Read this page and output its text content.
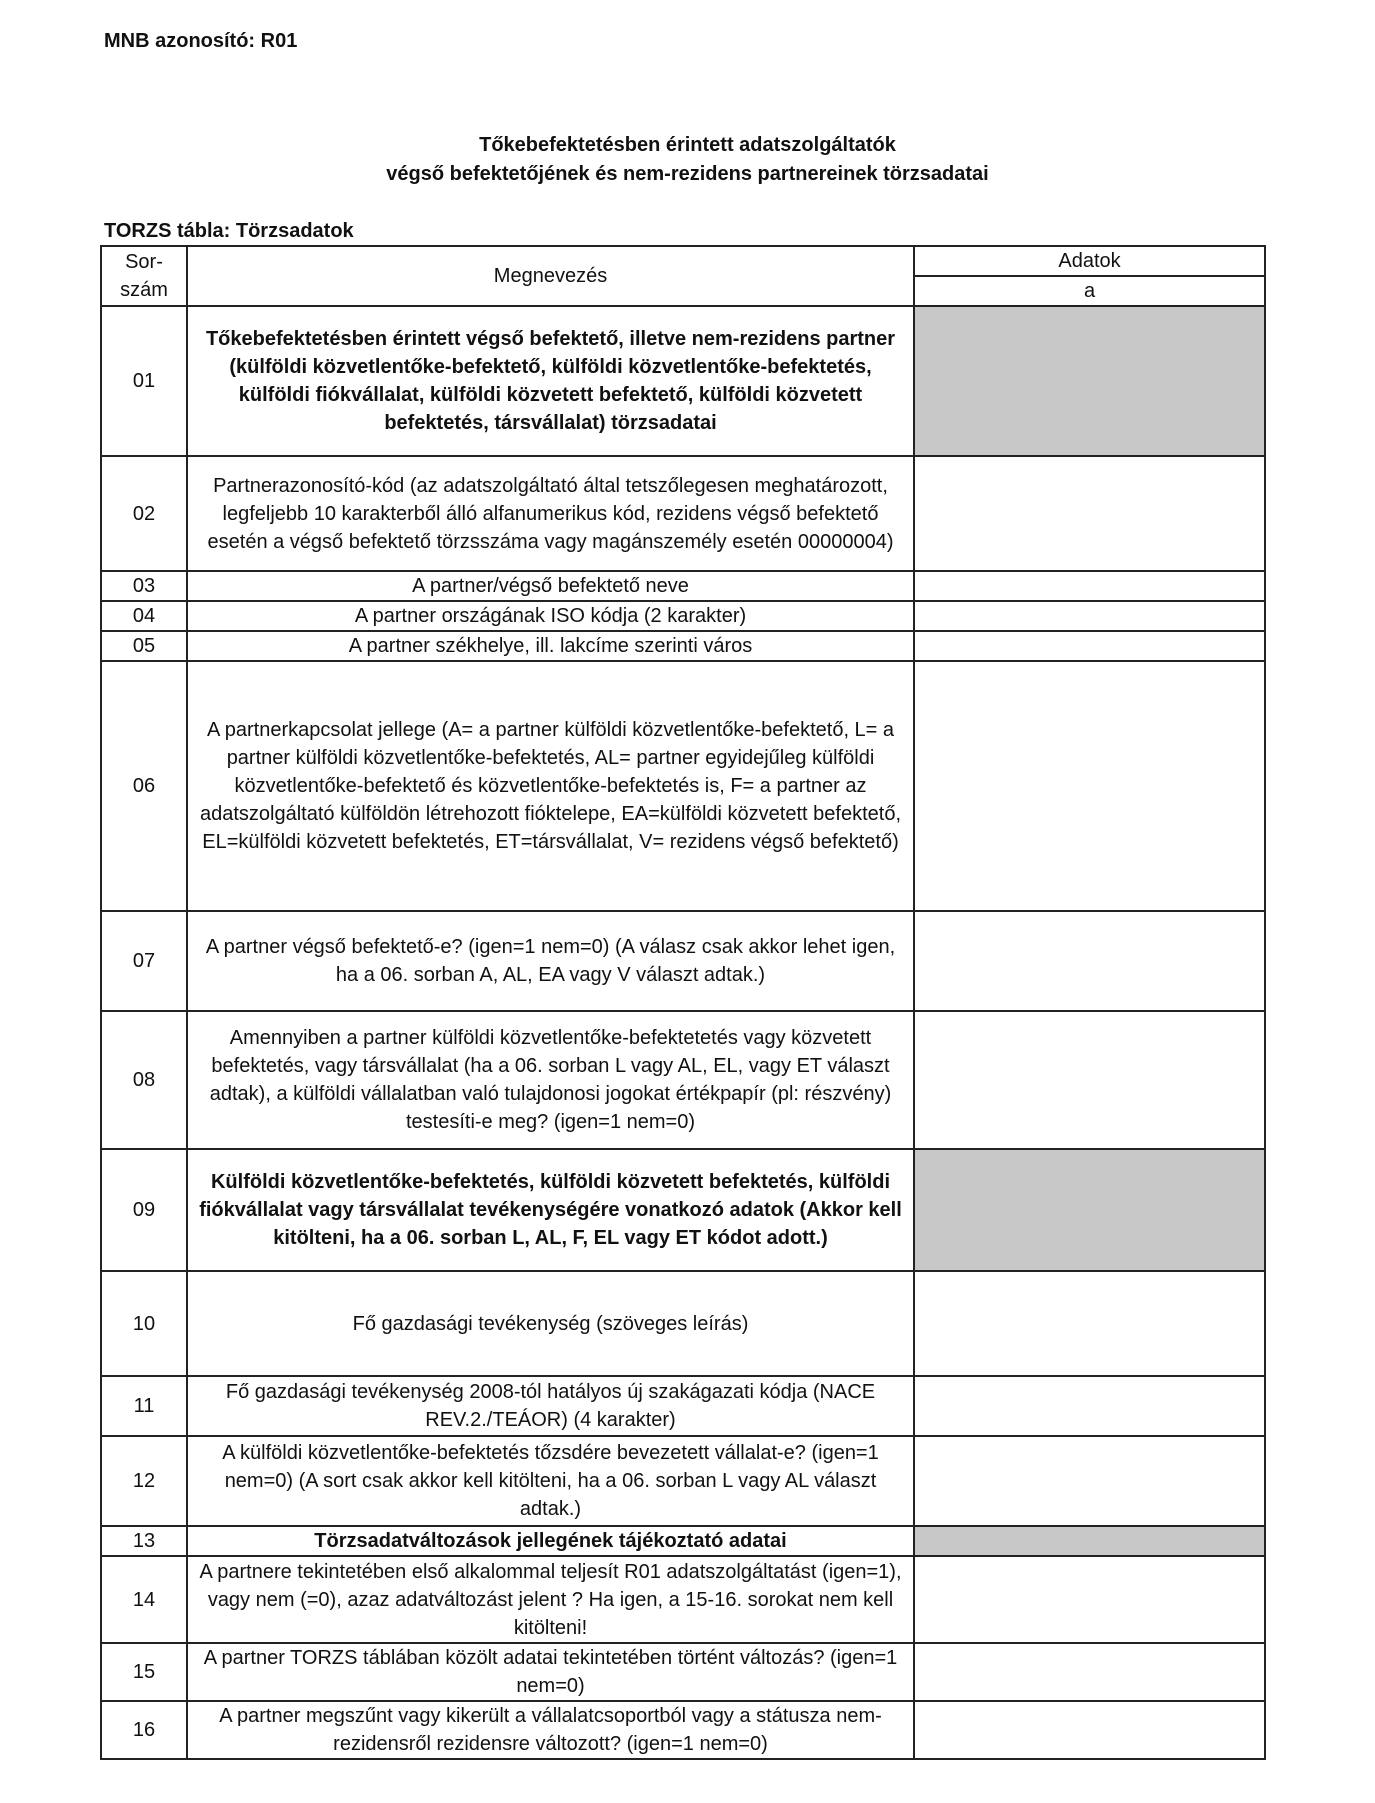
MNB azonosító: R01
Tőkebefektetésben érintett adatszolgáltatók
végső befektetőjének és nem-rezidens partnereinek törzsadatai
TORZS tábla: Törzsadatok
Sor-
szám	Megnevezés	Adatok
		a
01	Tőkebefektetésben érintett végső befektető, illetve nem-rezidens partner (külföldi közvetlentőke-befektető, külföldi közvetlentőke-befektetés, külföldi fiókvállalat, külföldi közvetett befektető, külföldi közvetett befektetés, társvállalat) törzsadatai	
02	Partnerazonosító-kód (az adatszolgáltató által tetszőlegesen meghatározott, legfeljebb 10 karakterből álló alfanumerikus kód, rezidens végső befektető esetén a végső befektető törzsszáma vagy magánszemély esetén 00000004)	
03	A partner/végső befektető neve	
04	A partner országának ISO kódja (2 karakter)	
05	A partner székhelye, ill. lakcíme szerinti város	
06	A partnerkapcsolat jellege (A= a partner külföldi közvetlentőke-befektető, L= a partner külföldi közvetlentőke-befektetés, AL= partner egyidejűleg külföldi közvetlentőke-befektető és közvetlentőke-befektetés is, F= a partner az adatszolgáltató külföldön létrehozott fióktelepe, EA=külföldi közvetett befektető, EL=külföldi közvetett befektetés, ET=társvállalat, V= rezidens végső befektető)	
07	A partner végső befektető-e? (igen=1 nem=0) (A válasz csak akkor lehet igen, ha a 06. sorban A, AL, EA vagy V választ adtak.)	
08	Amennyiben a partner külföldi közvetlentőke-befektetetés vagy közvetett befektetés, vagy társvállalat (ha a 06. sorban L vagy AL, EL, vagy ET választ adtak), a külföldi vállalatban való tulajdonosi jogokat értékpapír (pl: részvény) testesíti-e meg? (igen=1 nem=0)	
09	Külföldi közvetlentőke-befektetés, külföldi közvetett befektetés, külföldi fiókvállalat vagy társvállalat tevékenységére vonatkozó adatok (Akkor kell kitölteni, ha a 06. sorban L, AL, F, EL vagy ET kódot adott.)	
10	Fő gazdasági tevékenység (szöveges leírás)	
11	Fő gazdasági tevékenység 2008-tól hatályos új szakágazati kódja (NACE REV.2./TEÁOR) (4 karakter)	
12	A külföldi közvetlentőke-befektetés tőzsdére bevezetett vállalat-e? (igen=1 nem=0) (A sort csak akkor kell kitölteni, ha a 06. sorban L vagy AL választ adtak.)	
13	Törzsadatváltozások jellegének tájékoztató adatai	
14	A partnere tekintetében első alkalommal teljesít R01 adatszolgáltatást (igen=1), vagy nem (=0), azaz adatváltozást jelent ? Ha igen, a 15-16. sorokat nem kell kitölteni!	
15	A partner TORZS táblában közölt adatai tekintetében történt változás? (igen=1 nem=0)	
16	A partner megszűnt vagy kikerült a vállalatcsoportból vagy a státusza nem-rezidensről rezidensre változott? (igen=1 nem=0)	
